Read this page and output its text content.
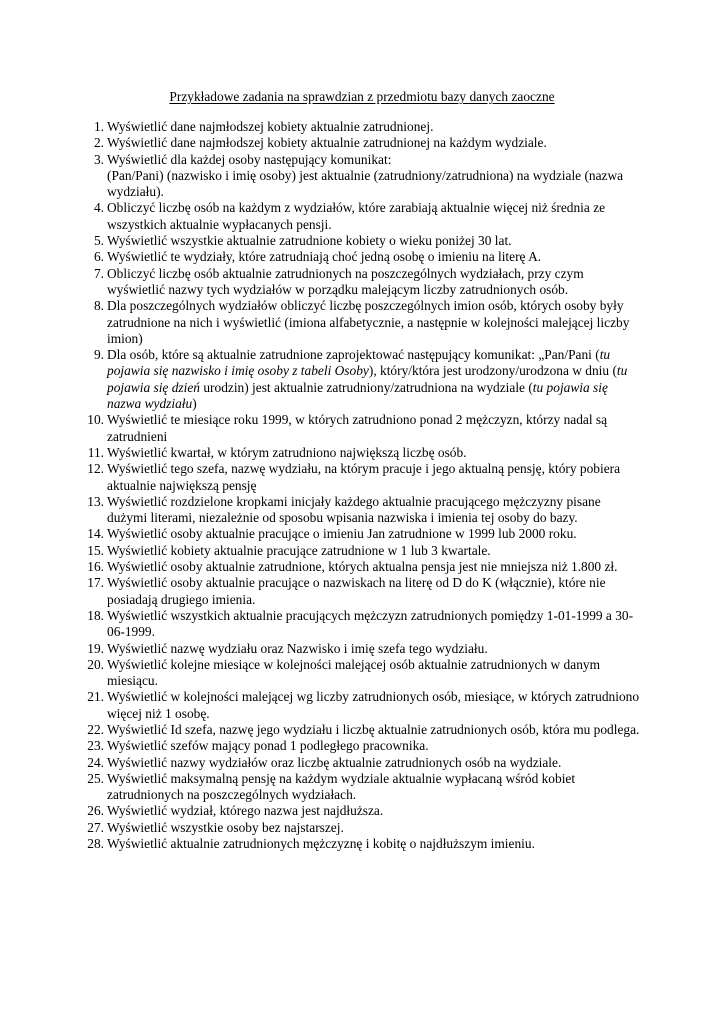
Przykładowe zadania na sprawdzian z przedmiotu bazy danych zaoczne
1. Wyświetlić dane najmłodszej kobiety aktualnie zatrudnionej.
2. Wyświetlić dane najmłodszej kobiety aktualnie zatrudnionej na każdym wydziale.
3. Wyświetlić dla każdej osoby następujący komunikat:
(Pan/Pani) (nazwisko i imię osoby) jest aktualnie (zatrudniony/zatrudniona) na wydziale (nazwa wydziału).
4. Obliczyć liczbę osób na każdym z wydziałów, które zarabiają aktualnie więcej niż średnia ze wszystkich aktualnie wypłacanych pensji.
5. Wyświetlić wszystkie aktualnie zatrudnione kobiety o wieku poniżej 30 lat.
6. Wyświetlić te wydziały, które zatrudniają choć jedną osobę o imieniu na literę A.
7. Obliczyć liczbę osób aktualnie zatrudnionych na poszczególnych wydziałach, przy czym wyświetlić nazwy tych wydziałów w porządku malejącym liczby zatrudnionych osób.
8. Dla poszczególnych wydziałów obliczyć liczbę poszczególnych imion osób, których osoby były zatrudnione na nich i wyświetlić (imiona alfabetycznie, a następnie w kolejności malejącej liczby imion)
9. Dla osób, które są aktualnie zatrudnione zaprojektować następujący komunikat: „Pan/Pani (tu pojawia się nazwisko i imię osoby z tabeli Osoby), który/która jest urodzony/urodzona w dniu (tu pojawia się dzień urodzin) jest aktualnie zatrudniony/zatrudniona na wydziale (tu pojawia się nazwa wydziału)
10. Wyświetlić te miesiące roku 1999, w których zatrudniono ponad 2 mężczyzn, którzy nadal są zatrudnieni
11. Wyświetlić kwartał, w którym zatrudniono największą liczbę osób.
12. Wyświetlić tego szefa, nazwę wydziału, na którym pracuje i jego aktualną pensję, który pobiera aktualnie największą pensję
13. Wyświetlić rozdzielone kropkami inicjały każdego aktualnie pracującego mężczyzny pisane dużymi literami, niezależnie od sposobu wpisania nazwiska i imienia tej osoby do bazy.
14. Wyświetlić osoby aktualnie pracujące o imieniu Jan zatrudnione w 1999 lub 2000 roku.
15. Wyświetlić kobiety aktualnie pracujące zatrudnione w 1 lub 3 kwartale.
16. Wyświetlić osoby aktualnie zatrudnione, których aktualna pensja jest nie mniejsza niż 1.800 zł.
17. Wyświetlić osoby aktualnie pracujące o nazwiskach na literę od D do K (włącznie), które nie posiadają drugiego imienia.
18. Wyświetlić wszystkich aktualnie pracujących mężczyzn zatrudnionych pomiędzy 1-01-1999 a 30-06-1999.
19. Wyświetlić nazwę wydziału oraz Nazwisko i imię szefa tego wydziału.
20. Wyświetlić kolejne miesiące w kolejności malejącej osób aktualnie zatrudnionych w danym miesiącu.
21. Wyświetlić w kolejności malejącej wg liczby zatrudnionych osób, miesiące, w których zatrudniono więcej niż 1 osobę.
22. Wyświetlić Id szefa, nazwę jego wydziału i liczbę aktualnie zatrudnionych osób, która mu podlega.
23. Wyświetlić szefów mający ponad 1 podległego pracownika.
24. Wyświetlić nazwy wydziałów oraz liczbę aktualnie zatrudnionych osób na wydziale.
25. Wyświetlić maksymalną pensję na każdym wydziale aktualnie wypłacaną wśród kobiet zatrudnionych na poszczególnych wydziałach.
26. Wyświetlić wydział, którego nazwa jest najdłuższa.
27. Wyświetlić wszystkie osoby bez najstarszej.
28. Wyświetlić aktualnie zatrudnionych mężczyznę i kobitę o najdłuższym imieniu.
